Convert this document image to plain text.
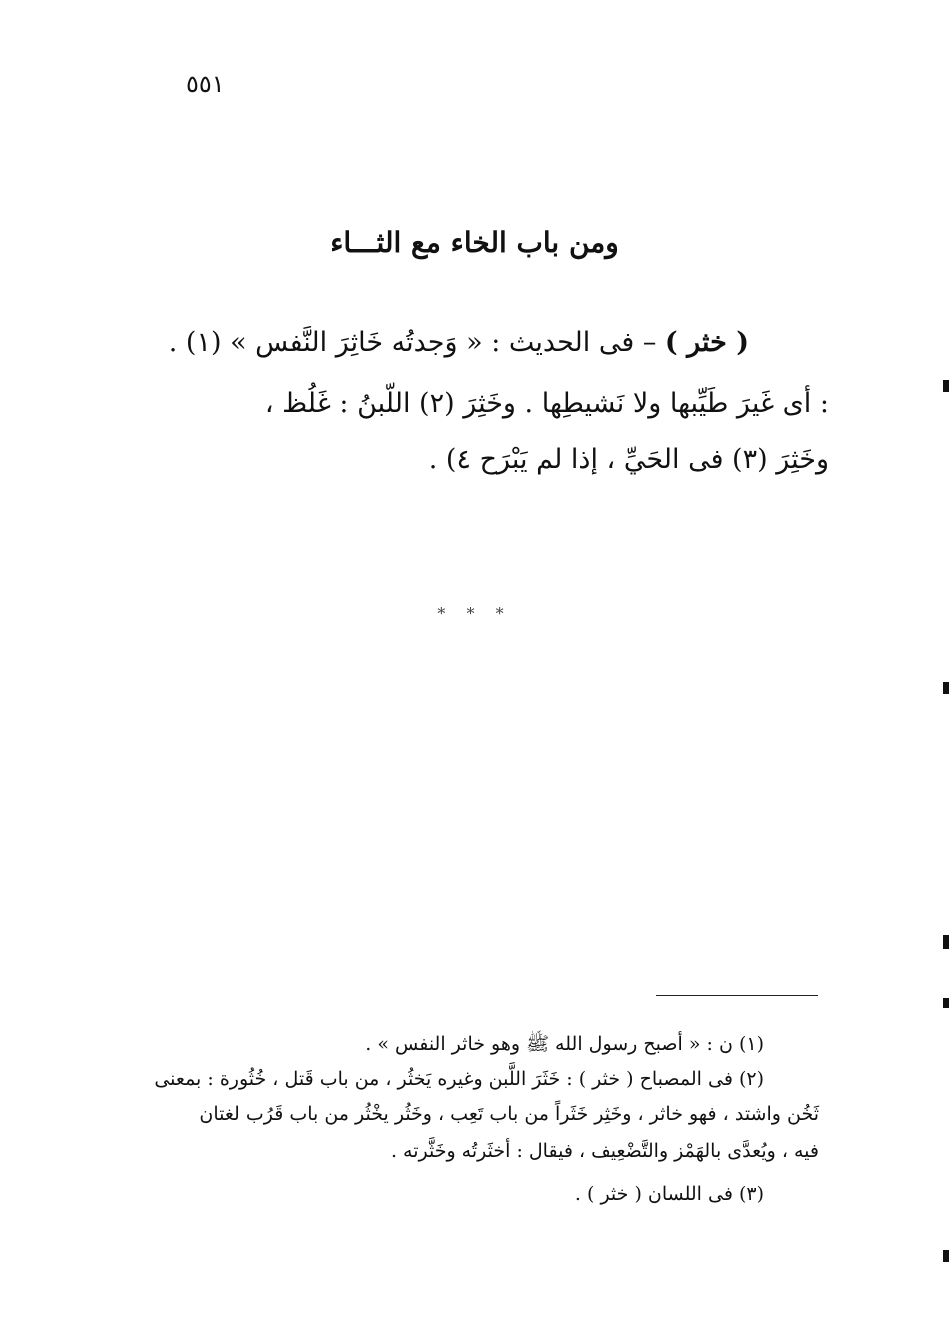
٥٥١
ومن باب الخاء مع الثـــاء
( خثر ) – فى الحديث : « وَجدتُه خَاثِرَ النَّفس » (١) .
: أى غَيرَ طَيِّبها ولا نَشيطِها . وخَثِرَ (٢) اللّبنُ : غَلُظ ،
وخَثِرَ (٣) فى الحَيِّ ، إذا لم يَبْرَح ٤) .
* * *
(١) ن : « أصبح رسول الله ﷺ وهو خاثر النفس » .
(٢) فى المصباح ( خثر ) : خَثَرَ اللَّبن وغيره يَخثُر ، من باب قَتل ، خُثُورة : بمعنى
ثَخُن واشتد ، فهو خاثر ، وخَثِر خَثَراً من باب تَعِب ، وخَثُر يخْثُر من باب قَرُب لغتان
فيه ، ويُعدَّى بالهَمْز والتَّضْعِيف ، فيقال : أخثَرتُه وخَثَّرته .
(٣) فى اللسان ( خثر ) .
